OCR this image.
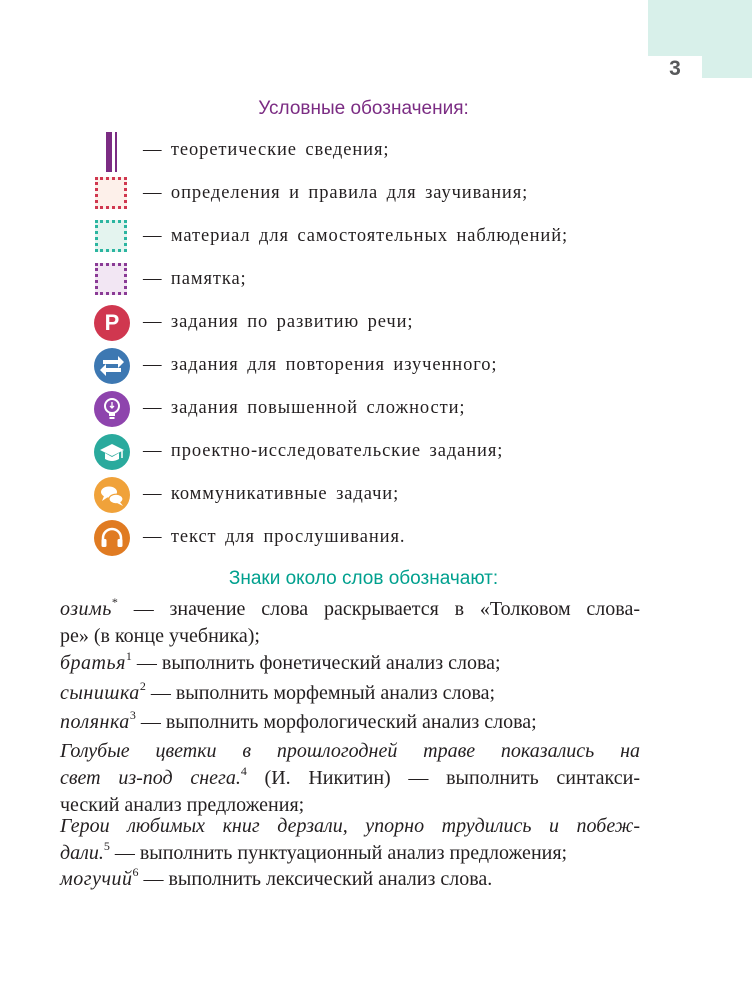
3
Условные обозначения:
— теоретические сведения;
— определения и правила для заучивания;
— материал для самостоятельных наблюдений;
— памятка;
Р	— задания по развитию речи;
— задания для повторения изученного;
— задания повышенной сложности;
— проектно-исследовательские задания;
— коммуникативные задачи;
— текст для прослушивания.
Знаки около слов обозначают:
озимь* — значение слова раскрывается в «Толковом слова-
ре» (в конце учебника);
братья$^1$ — выполнить фонетический анализ слова;
сынишка$^2$ — выполнить морфемный анализ слова;
полянка$^3$ — выполнить морфологический анализ слова;
Голубые цветки в прошлогодней траве показались на
свет из-под снега.$^4$ (И. Никитин) — выполнить синтакси-
ческий анализ предложения;
Герои любимых книг дерзали, упорно трудились и побеж-
дали.$^5$ — выполнить пунктуационный анализ предложения;
могучий$^6$ — выполнить лексический анализ слова.
